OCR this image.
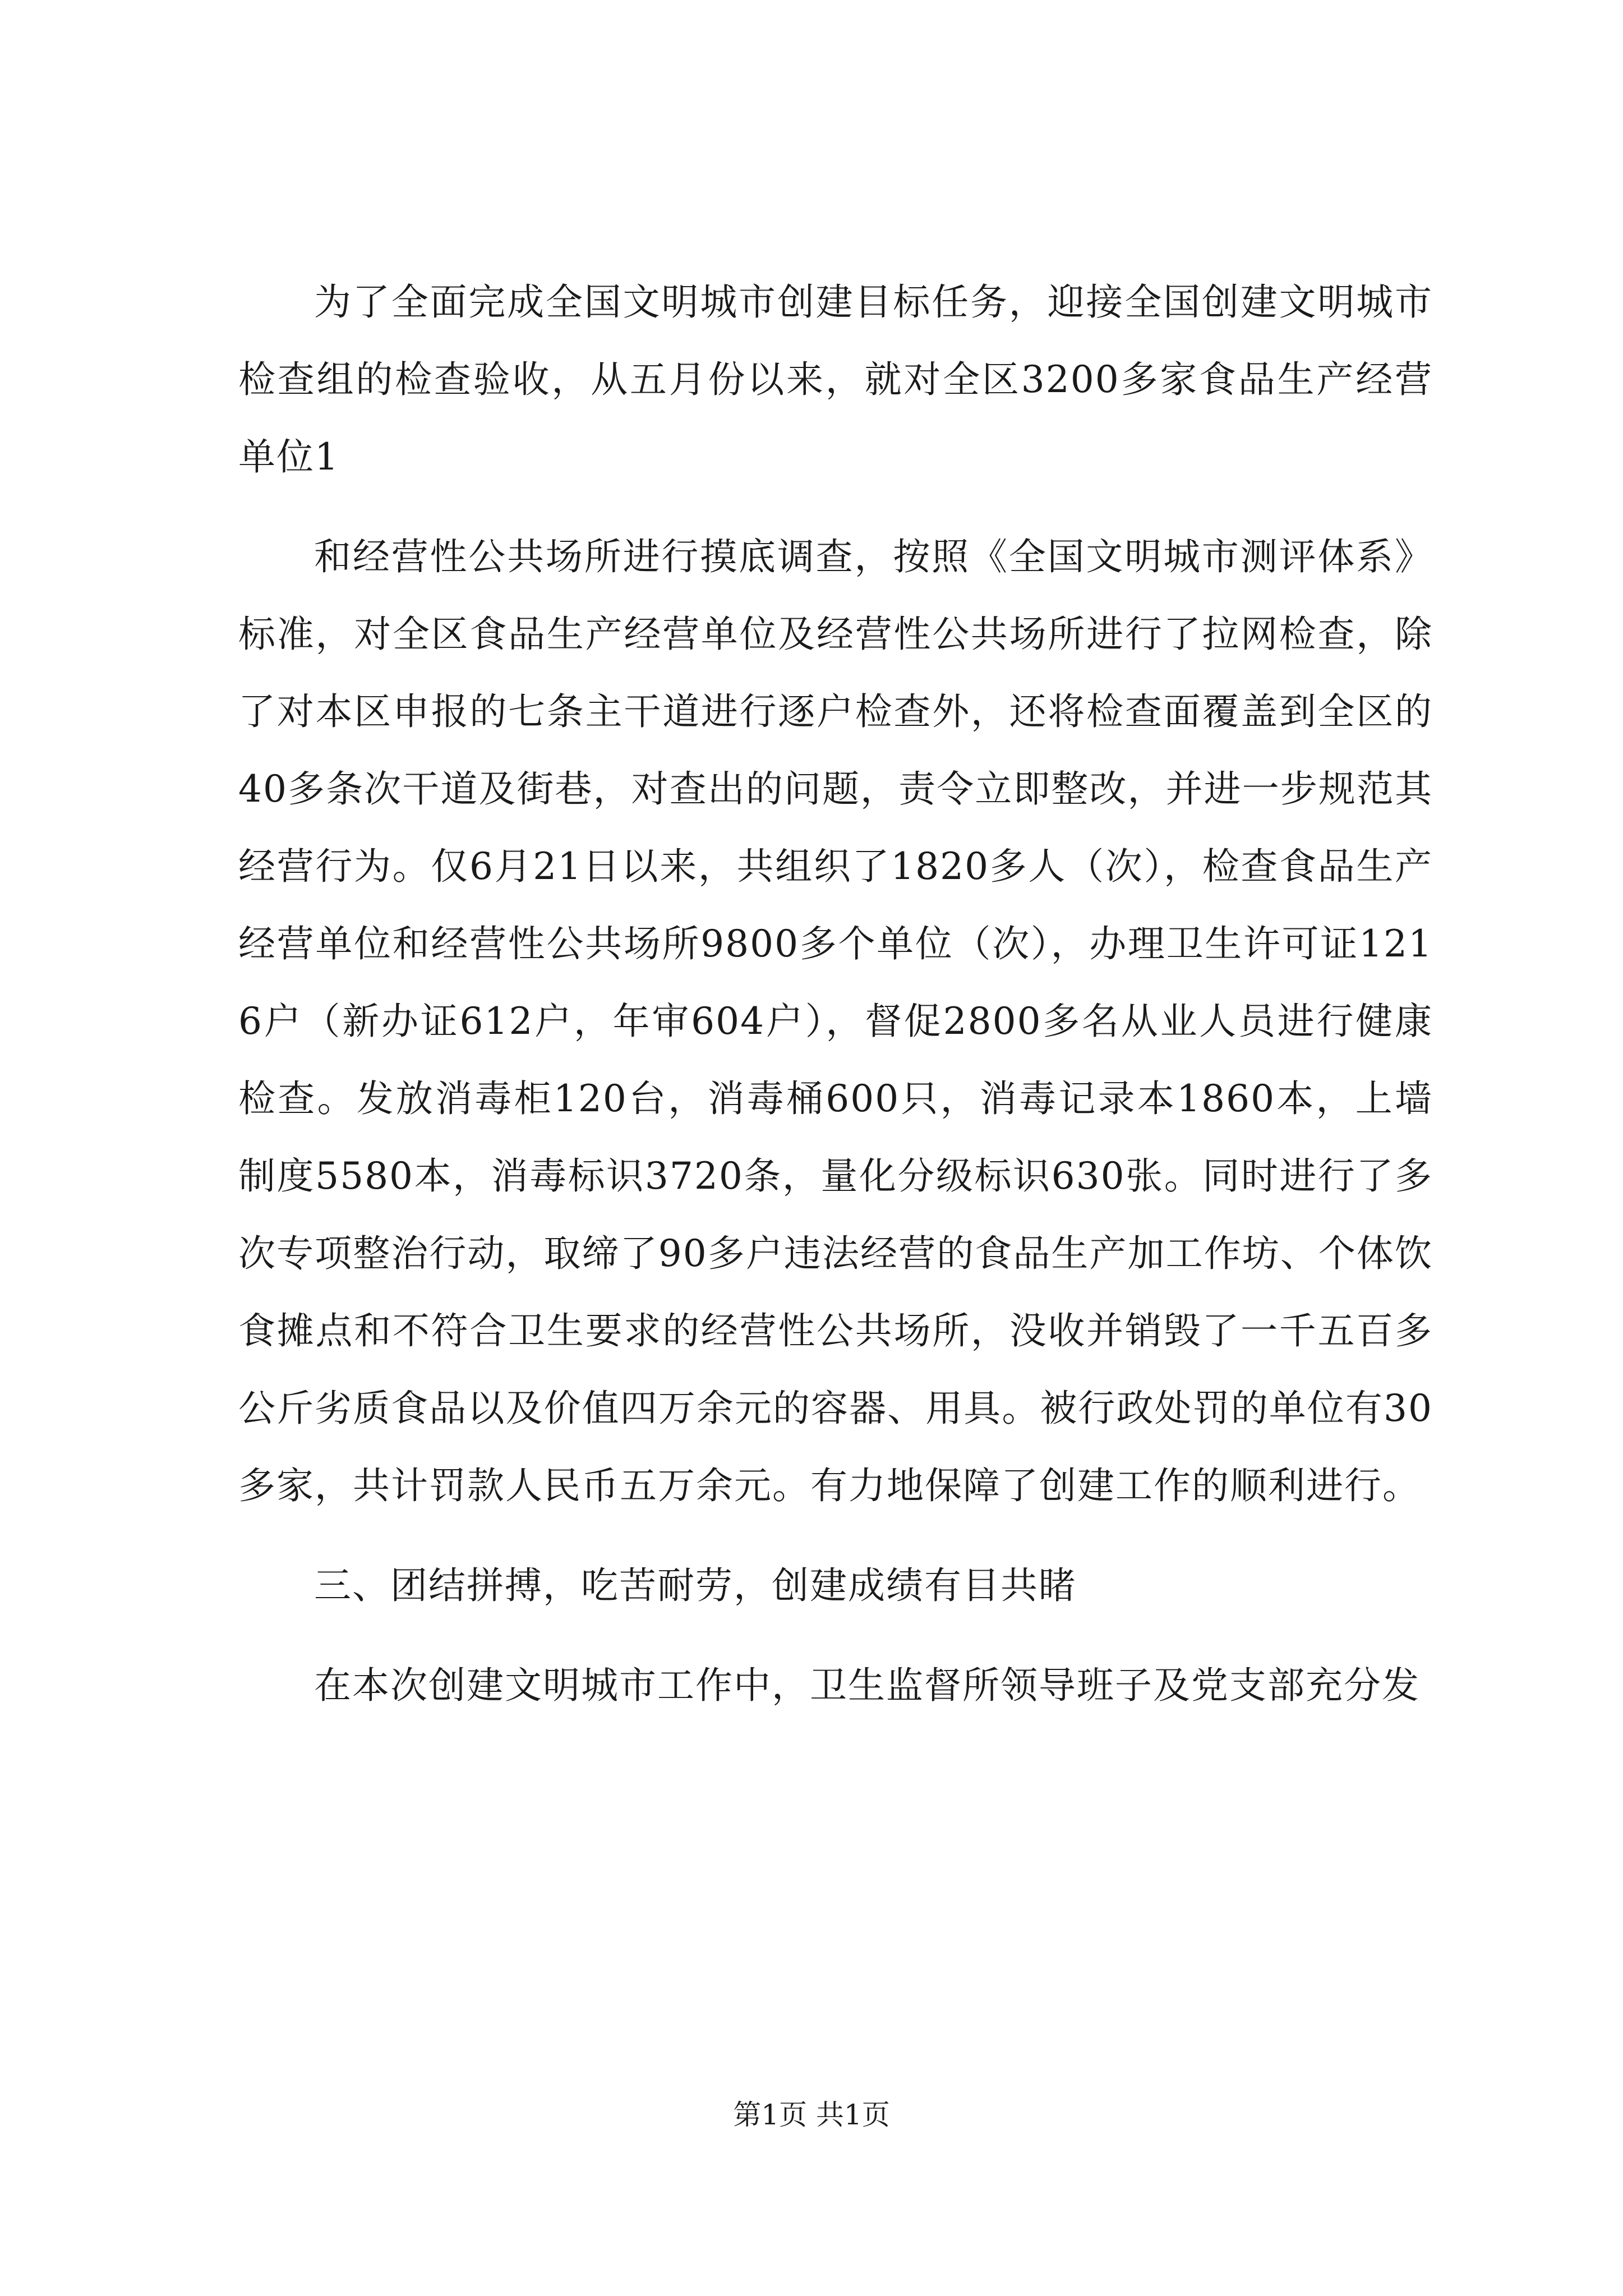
为了全面完成全国文明城市创建目标任务，迎接全国创建文明城市检查组的检查验收，从五月份以来，就对全区3200多家食品生产经营单位1

和经营性公共场所进行摸底调查，按照《全国文明城市测评体系》标准，对全区食品生产经营单位及经营性公共场所进行了拉网检查，除了对本区申报的七条主干道进行逐户检查外，还将检查面覆盖到全区的40多条次干道及街巷，对查出的问题，责令立即整改，并进一步规范其经营行为。仅6月21日以来，共组织了1820多人（次），检查食品生产经营单位和经营性公共场所9800多个单位（次），办理卫生许可证1216户（新办证612户，年审604户），督促2800多名从业人员进行健康检查。发放消毒柜120台，消毒桶600只，消毒记录本1860本，上墙制度5580本，消毒标识3720条，量化分级标识630张。同时进行了多次专项整治行动，取缔了90多户违法经营的食品生产加工作坊、个体饮食摊点和不符合卫生要求的经营性公共场所，没收并销毁了一千五百多公斤劣质食品以及价值四万余元的容器、用具。被行政处罚的单位有30多家，共计罚款人民币五万余元。有力地保障了创建工作的顺利进行。

三、团结拼搏，吃苦耐劳，创建成绩有目共睹

在本次创建文明城市工作中，卫生监督所领导班子及党支部充分发

第1页 共1页
